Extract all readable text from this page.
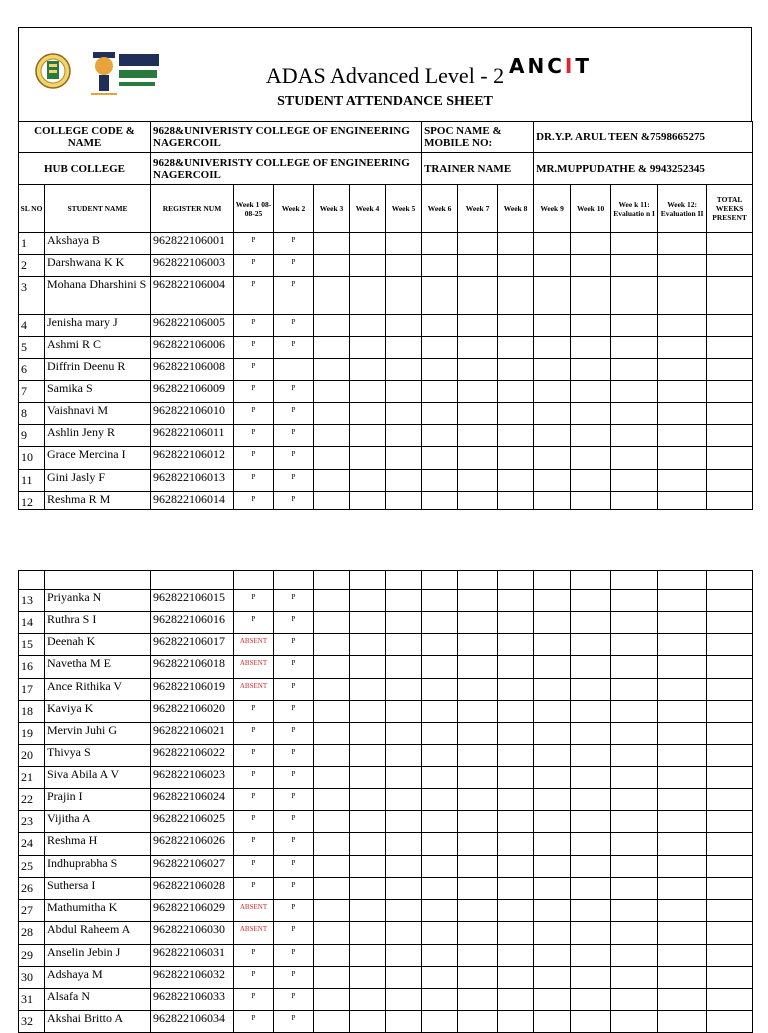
ADAS Advanced Level - 2
STUDENT ATTENDANCE SHEET
ANCIT
COLLEGE CODE & NAME		9628&UNIVERISTY COLLEGE OF ENGINEERING NAGERCOIL						SPOC NAME & MOBILE NO:			DR.Y.P. ARUL TEEN &7598665275				
HUB COLLEGE		9628&UNIVERISTY COLLEGE OF ENGINEERING NAGERCOIL						TRAINER NAME			MR.MUPPUDATHE & 9943252345				
SL NO	STUDENT NAME	REGISTER NUM	Week 1 08-08-25	Week 2	Week 3	Week 4	Week 5	Week 6	Week 7	Week 8	Week 9	Week 10	Wee k 11: Evaluatio n I	Week 12: Evaluation II	TOTAL WEEKS PRESENT
1	Akshaya B	962822106001	P	P											
2	Darshwana K K	962822106003	P	P											
3	Mohana Dharshini S	962822106004	P	P											
4	Jenisha mary J	962822106005	P	P											
5	Ashmi R C	962822106006	P	P											
6	Diffrin Deenu R	962822106008	P												
7	Samika S	962822106009	P	P											
8	Vaishnavi M	962822106010	P	P											
9	Ashlin Jeny R	962822106011	P	P											
10	Grace Mercina I	962822106012	P	P											
11	Gini Jasly F	962822106013	P	P											
12	Reshma R M	962822106014	P	P											

13	Priyanka N	962822106015	P	P											
14	Ruthra S I	962822106016	P	P											
15	Deenah K	962822106017	ABSENT	P											
16	Navetha M E	962822106018	ABSENT	P											
17	Ance Rithika V	962822106019	ABSENT	P											
18	Kaviya K	962822106020	P	P											
19	Mervin Juhi G	962822106021	P	P											
20	Thivya S	962822106022	P	P											
21	Siva Abila A V	962822106023	P	P											
22	Prajin I	962822106024	P	P											
23	Vijitha A	962822106025	P	P											
24	Reshma H	962822106026	P	P											
25	Indhuprabha S	962822106027	P	P											
26	Suthersa I	962822106028	P	P											
27	Mathumitha K	962822106029	ABSENT	P											
28	Abdul Raheem A	962822106030	ABSENT	P											
29	Anselin Jebin J	962822106031	P	P											
30	Adshaya M	962822106032	P	P											
31	Alsafa N	962822106033	P	P											
32	Akshai Britto A	962822106034	P	P											
